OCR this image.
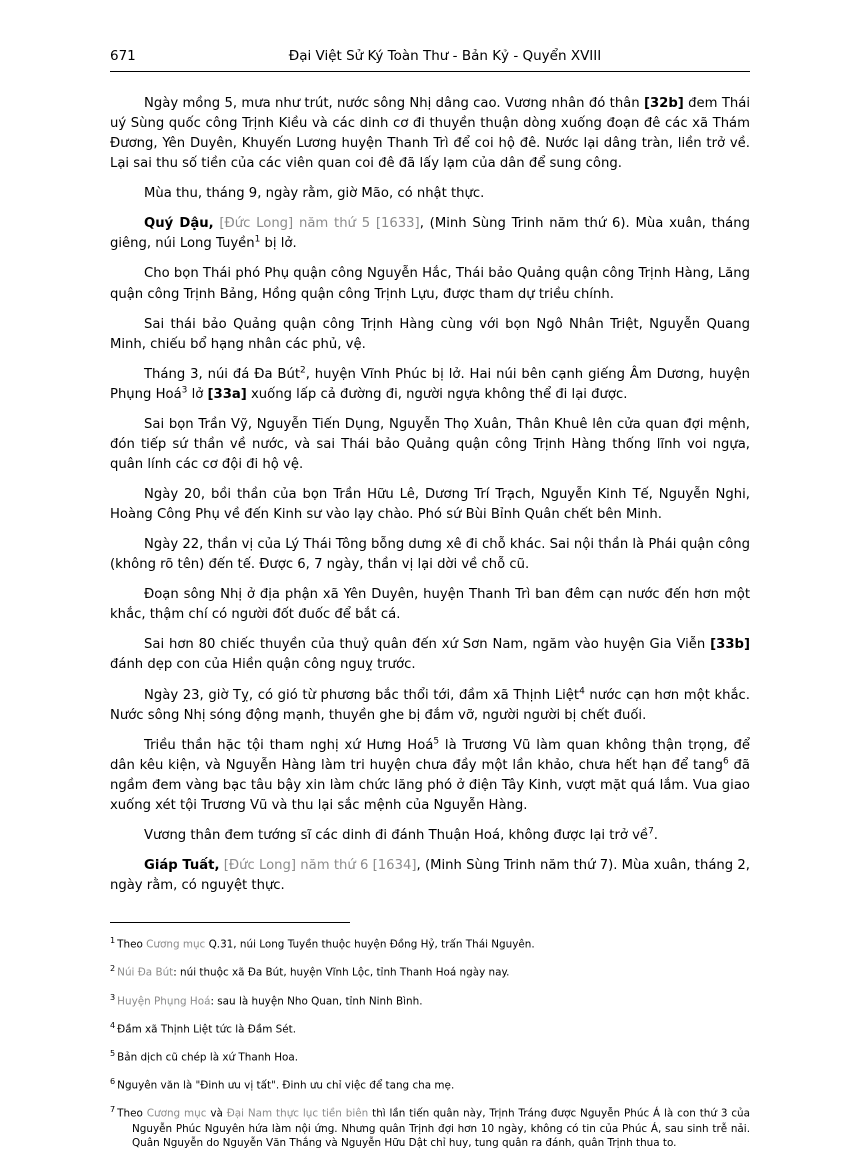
671	Đại Việt Sử Ký Toàn Thư - Bản Kỷ - Quyển XVIII

Ngày mồng 5, mưa như trút, nước sông Nhị dâng cao. Vương nhân đó thân [32b] đem Thái uý Sùng quốc công Trịnh Kiều và các dinh cơ đi thuyền thuận dòng xuống đoạn đê các xã Thám Đương, Yên Duyên, Khuyến Lương huyện Thanh Trì để coi hộ đê. Nước lại dâng tràn, liền trở về. Lại sai thu số tiền của các viên quan coi đê đã lấy lạm của dân để sung công.

Mùa thu, tháng 9, ngày rằm, giờ Mão, có nhật thực.

Quý Dậu, [Đức Long] năm thứ 5 [1633], (Minh Sùng Trinh năm thứ 6). Mùa xuân, tháng giêng, núi Long Tuyền$^1$ bị lở.

Cho bọn Thái phó Phụ quận công Nguyễn Hắc, Thái bảo Quảng quận công Trịnh Hàng, Lăng quận công Trịnh Bảng, Hồng quận công Trịnh Lựu, được tham dự triều chính.

Sai thái bảo Quảng quận công Trịnh Hàng cùng với bọn Ngô Nhân Triệt, Nguyễn Quang Minh, chiếu bổ hạng nhân các phủ, vệ.

Tháng 3, núi đá Đa Bút$^2$, huyện Vĩnh Phúc bị lở. Hai núi bên cạnh giếng Âm Dương, huyện Phụng Hoá$^3$ lở [33a] xuống lấp cả đường đi, người ngựa không thể đi lại được.

Sai bọn Trần Vỹ, Nguyễn Tiến Dụng, Nguyễn Thọ Xuân, Thân Khuê lên cửa quan đợi mệnh, đón tiếp sứ thần về nước, và sai Thái bảo Quảng quận công Trịnh Hàng thống lĩnh voi ngựa, quân lính các cơ đội đi hộ vệ.

Ngày 20, bồi thần của bọn Trần Hữu Lê, Dương Trí Trạch, Nguyễn Kinh Tế, Nguyễn Nghi, Hoàng Công Phụ về đến Kinh sư vào lạy chào. Phó sứ Bùi Bỉnh Quân chết bên Minh.

Ngày 22, thần vị của Lý Thái Tông bỗng dưng xê đi chỗ khác. Sai nội thần là Phái quận công (không rõ tên) đến tế. Được 6, 7 ngày, thần vị lại dời về chỗ cũ.

Đoạn sông Nhị ở địa phận xã Yên Duyên, huyện Thanh Trì ban đêm cạn nước đến hơn một khắc, thậm chí có người đốt đuốc để bắt cá.

Sai hơn 80 chiếc thuyền của thuỷ quân đến xứ Sơn Nam, ngăm vào huyện Gia Viễn [33b] đánh dẹp con của Hiền quận công nguỵ trước.

Ngày 23, giờ Tỵ, có gió từ phương bắc thổi tới, đầm xã Thịnh Liệt$^4$ nước cạn hơn một khắc. Nước sông Nhị sóng động mạnh, thuyền ghe bị đắm vỡ, người người bị chết đuối.

Triều thần hặc tội tham nghị xứ Hưng Hoá$^5$ là Trương Vũ làm quan không thận trọng, để dân kêu kiện, và Nguyễn Hàng làm tri huyện chưa đầy một lần khảo, chưa hết hạn để tang$^6$ đã ngầm đem vàng bạc tâu bậy xin làm chức lăng phó ở điện Tây Kinh, vượt mặt quá lắm. Vua giao xuống xét tội Trương Vũ và thu lại sắc mệnh của Nguyễn Hàng.

Vương thân đem tướng sĩ các dinh đi đánh Thuận Hoá, không được lại trở về$^7$.

Giáp Tuất, [Đức Long] năm thứ 6 [1634], (Minh Sùng Trinh năm thứ 7). Mùa xuân, tháng 2, ngày rằm, có nguyệt thực.

$^1$ Theo Cương mục Q.31, núi Long Tuyền thuộc huyện Đồng Hỷ, trấn Thái Nguyên.
$^2$ Núi Đa Bút: núi thuộc xã Đa Bút, huyện Vĩnh Lộc, tỉnh Thanh Hoá ngày nay.
$^3$ Huyện Phụng Hoá: sau là huyện Nho Quan, tỉnh Ninh Bình.
$^4$ Đầm xã Thịnh Liệt tức là Đầm Sét.
$^5$ Bản dịch cũ chép là xứ Thanh Hoa.
$^6$ Nguyên văn là "Đinh ưu vị tất". Đinh ưu chỉ việc để tang cha mẹ.
$^7$ Theo Cương mục và Đại Nam thực lục tiền biên thì lần tiến quân này, Trịnh Tráng được Nguyễn Phúc Á là con thứ 3 của Nguyễn Phúc Nguyên hứa làm nội ứng. Nhưng quân Trịnh đợi hơn 10 ngày, không có tin của Phúc Á, sau sinh trễ nải. Quân Nguyễn do Nguyễn Văn Thắng và Nguyễn Hữu Dật chỉ huy, tung quân ra đánh, quân Trịnh thua to.
